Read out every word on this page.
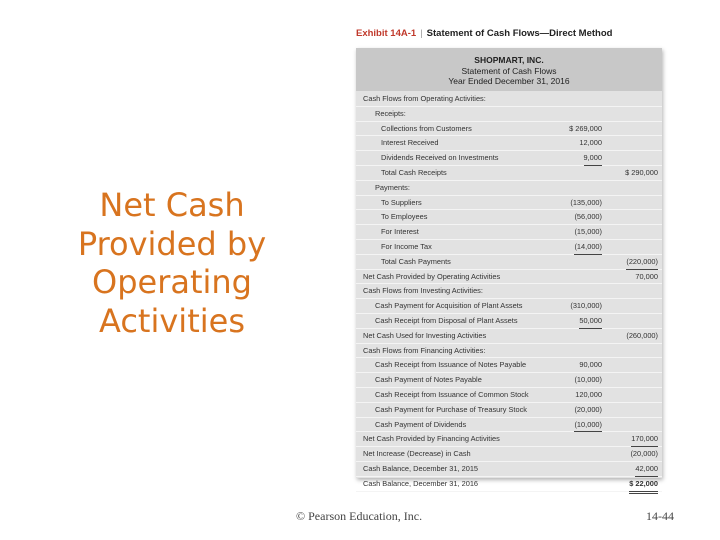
Net Cash
Provided by
Operating
Activities
Exhibit 14A-1 | Statement of Cash Flows—Direct Method
SHOPMART, INC.
Statement of Cash Flows
Year Ended December 31, 2016
Cash Flows from Operating Activities:
Receipts:
Collections from Customers	$ 269,000
Interest Received	12,000
Dividends Received on Investments	9,000
Total Cash Receipts	$ 290,000
Payments:
To Suppliers	(135,000)
To Employees	(56,000)
For Interest	(15,000)
For Income Tax	(14,000)
Total Cash Payments	(220,000)
Net Cash Provided by Operating Activities	70,000
Cash Flows from Investing Activities:
Cash Payment for Acquisition of Plant Assets	(310,000)
Cash Receipt from Disposal of Plant Assets	50,000
Net Cash Used for Investing Activities	(260,000)
Cash Flows from Financing Activities:
Cash Receipt from Issuance of Notes Payable	90,000
Cash Payment of Notes Payable	(10,000)
Cash Receipt from Issuance of Common Stock	120,000
Cash Payment for Purchase of Treasury Stock	(20,000)
Cash Payment of Dividends	(10,000)
Net Cash Provided by Financing Activities	170,000
Net Increase (Decrease) in Cash	(20,000)
Cash Balance, December 31, 2015	42,000
Cash Balance, December 31, 2016	$ 22,000
© Pearson Education, Inc.	14-44
